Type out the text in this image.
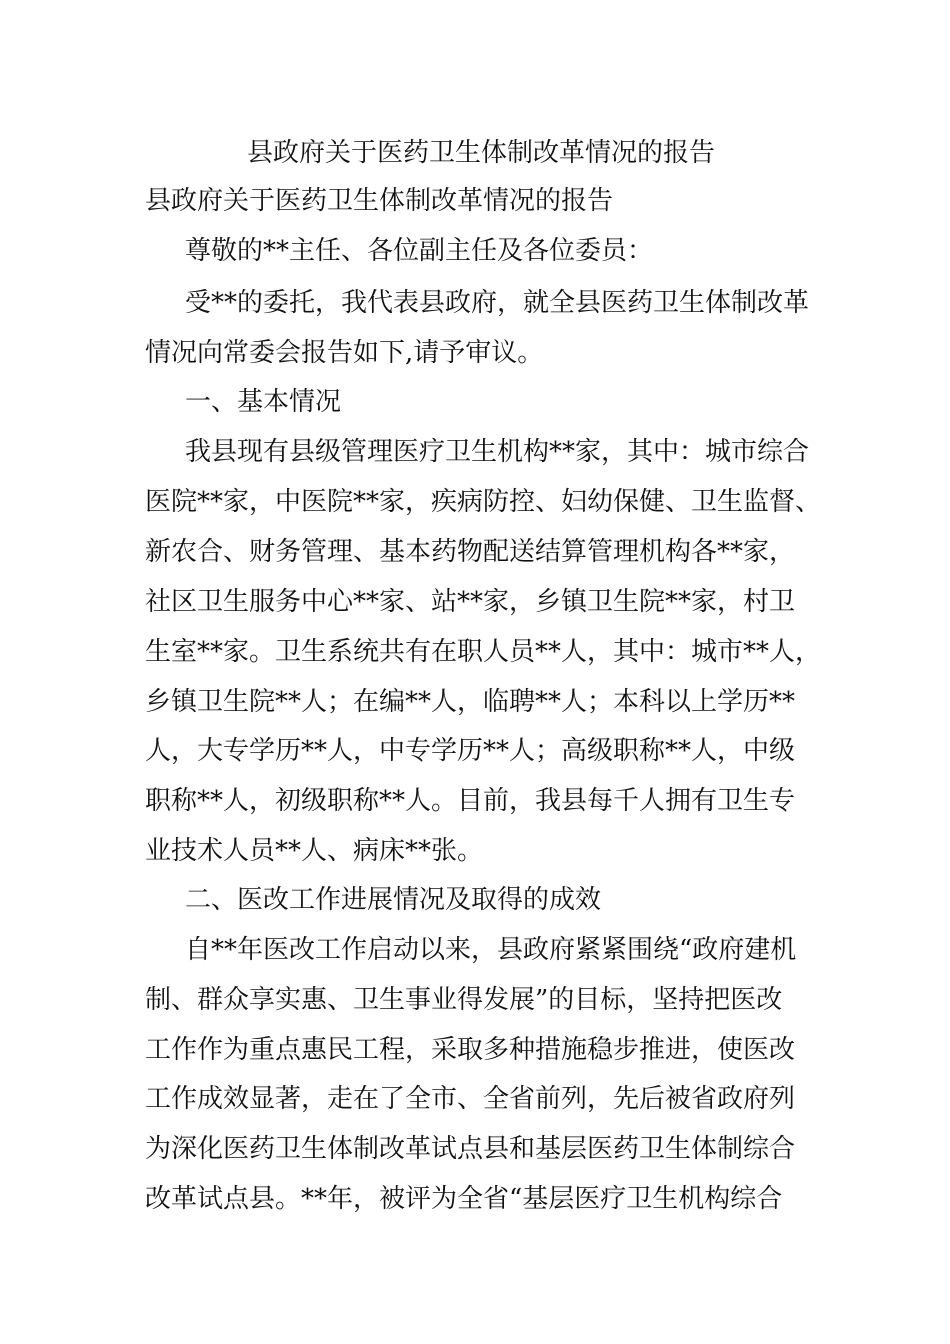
县政府关于医药卫生体制改革情况的报告
县政府关于医药卫生体制改革情况的报告
尊敬的**主任、各位副主任及各位委员：
受**的委托，我代表县政府，就全县医药卫生体制改革
情况向常委会报告如下,请予审议。
一、基本情况
我县现有县级管理医疗卫生机构**家，其中：城市综合
医院**家，中医院**家，疾病防控、妇幼保健、卫生监督、
新农合、财务管理、基本药物配送结算管理机构各**家，
社区卫生服务中心**家、站**家，乡镇卫生院**家，村卫
生室**家。卫生系统共有在职人员**人，其中：城市**人，
乡镇卫生院**人；在编**人，临聘**人；本科以上学历**
人，大专学历**人，中专学历**人；高级职称**人，中级
职称**人，初级职称**人。目前，我县每千人拥有卫生专
业技术人员**人、病床**张。
二、医改工作进展情况及取得的成效
自**年医改工作启动以来，县政府紧紧围绕“政府建机
制、群众享实惠、卫生事业得发展”的目标，坚持把医改
工作作为重点惠民工程，采取多种措施稳步推进，使医改
工作成效显著，走在了全市、全省前列，先后被省政府列
为深化医药卫生体制改革试点县和基层医药卫生体制综合
改革试点县。**年，被评为全省“基层医疗卫生机构综合
